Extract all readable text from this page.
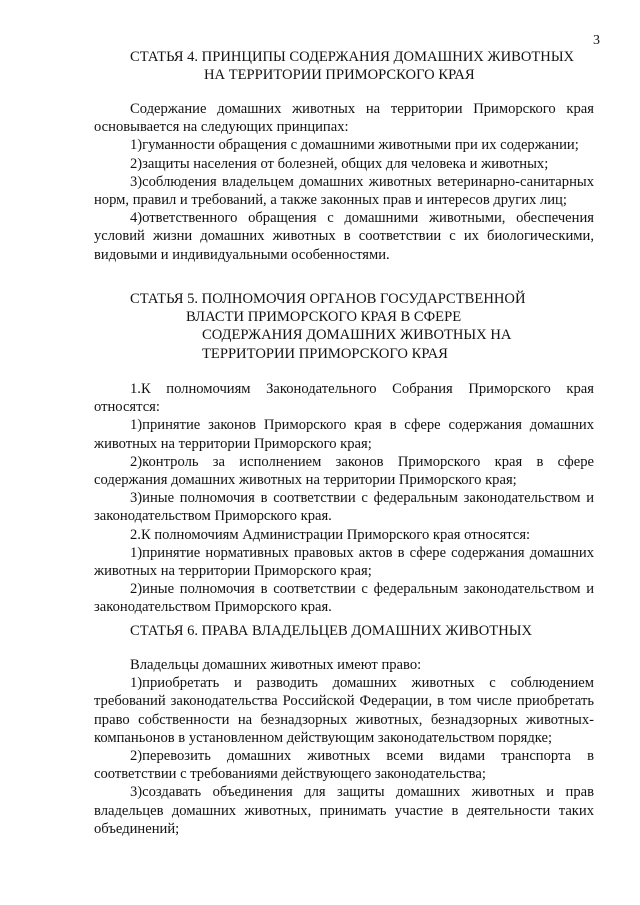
3
СТАТЬЯ 4. ПРИНЦИПЫ СОДЕРЖАНИЯ ДОМАШНИХ ЖИВОТНЫХ
НА ТЕРРИТОРИИ ПРИМОРСКОГО КРАЯ

Содержание домашних животных на территории Приморского края основывается на следующих принципах:

1)гуманности обращения с домашними животными при их содержании;

2)защиты населения от болезней, общих для человека и животных;

3)соблюдения владельцем домашних животных ветеринарно-санитарных норм, правил и требований, а также законных прав и интересов других лиц;

4)ответственного обращения с домашними животными, обеспечения условий жизни домашних животных в соответствии с их биологическими, видовыми и индивидуальными особенностями.

СТАТЬЯ 5. ПОЛНОМОЧИЯ ОРГАНОВ ГОСУДАРСТВЕННОЙ
ВЛАСТИ ПРИМОРСКОГО КРАЯ В СФЕРЕ
СОДЕРЖАНИЯ ДОМАШНИХ ЖИВОТНЫХ НА
ТЕРРИТОРИИ ПРИМОРСКОГО КРАЯ

1.К полномочиям Законодательного Собрания Приморского края относятся:

1)принятие законов Приморского края в сфере содержания домашних животных на территории Приморского края;

2)контроль за исполнением законов Приморского края в сфере содержания домашних животных на территории Приморского края;

3)иные полномочия в соответствии с федеральным законодательством и законодательством Приморского края.

2.К полномочиям Администрации Приморского края относятся:

1)принятие нормативных правовых актов в сфере содержания домашних животных на территории Приморского края;

2)иные полномочия в соответствии с федеральным законодательством и законодательством Приморского края.

СТАТЬЯ 6. ПРАВА ВЛАДЕЛЬЦЕВ ДОМАШНИХ ЖИВОТНЫХ

Владельцы домашних животных имеют право:

1)приобретать и разводить домашних животных с соблюдением требований законодательства Российской Федерации, в том числе приобретать право собственности на безнадзорных животных, безнадзорных животных-компаньонов в установленном действующим законодательством порядке;

2)перевозить домашних животных всеми видами транспорта в соответствии с требованиями действующего законодательства;

3)создавать объединения для защиты домашних животных и прав владельцев домашних животных, принимать участие в деятельности таких объединений;
